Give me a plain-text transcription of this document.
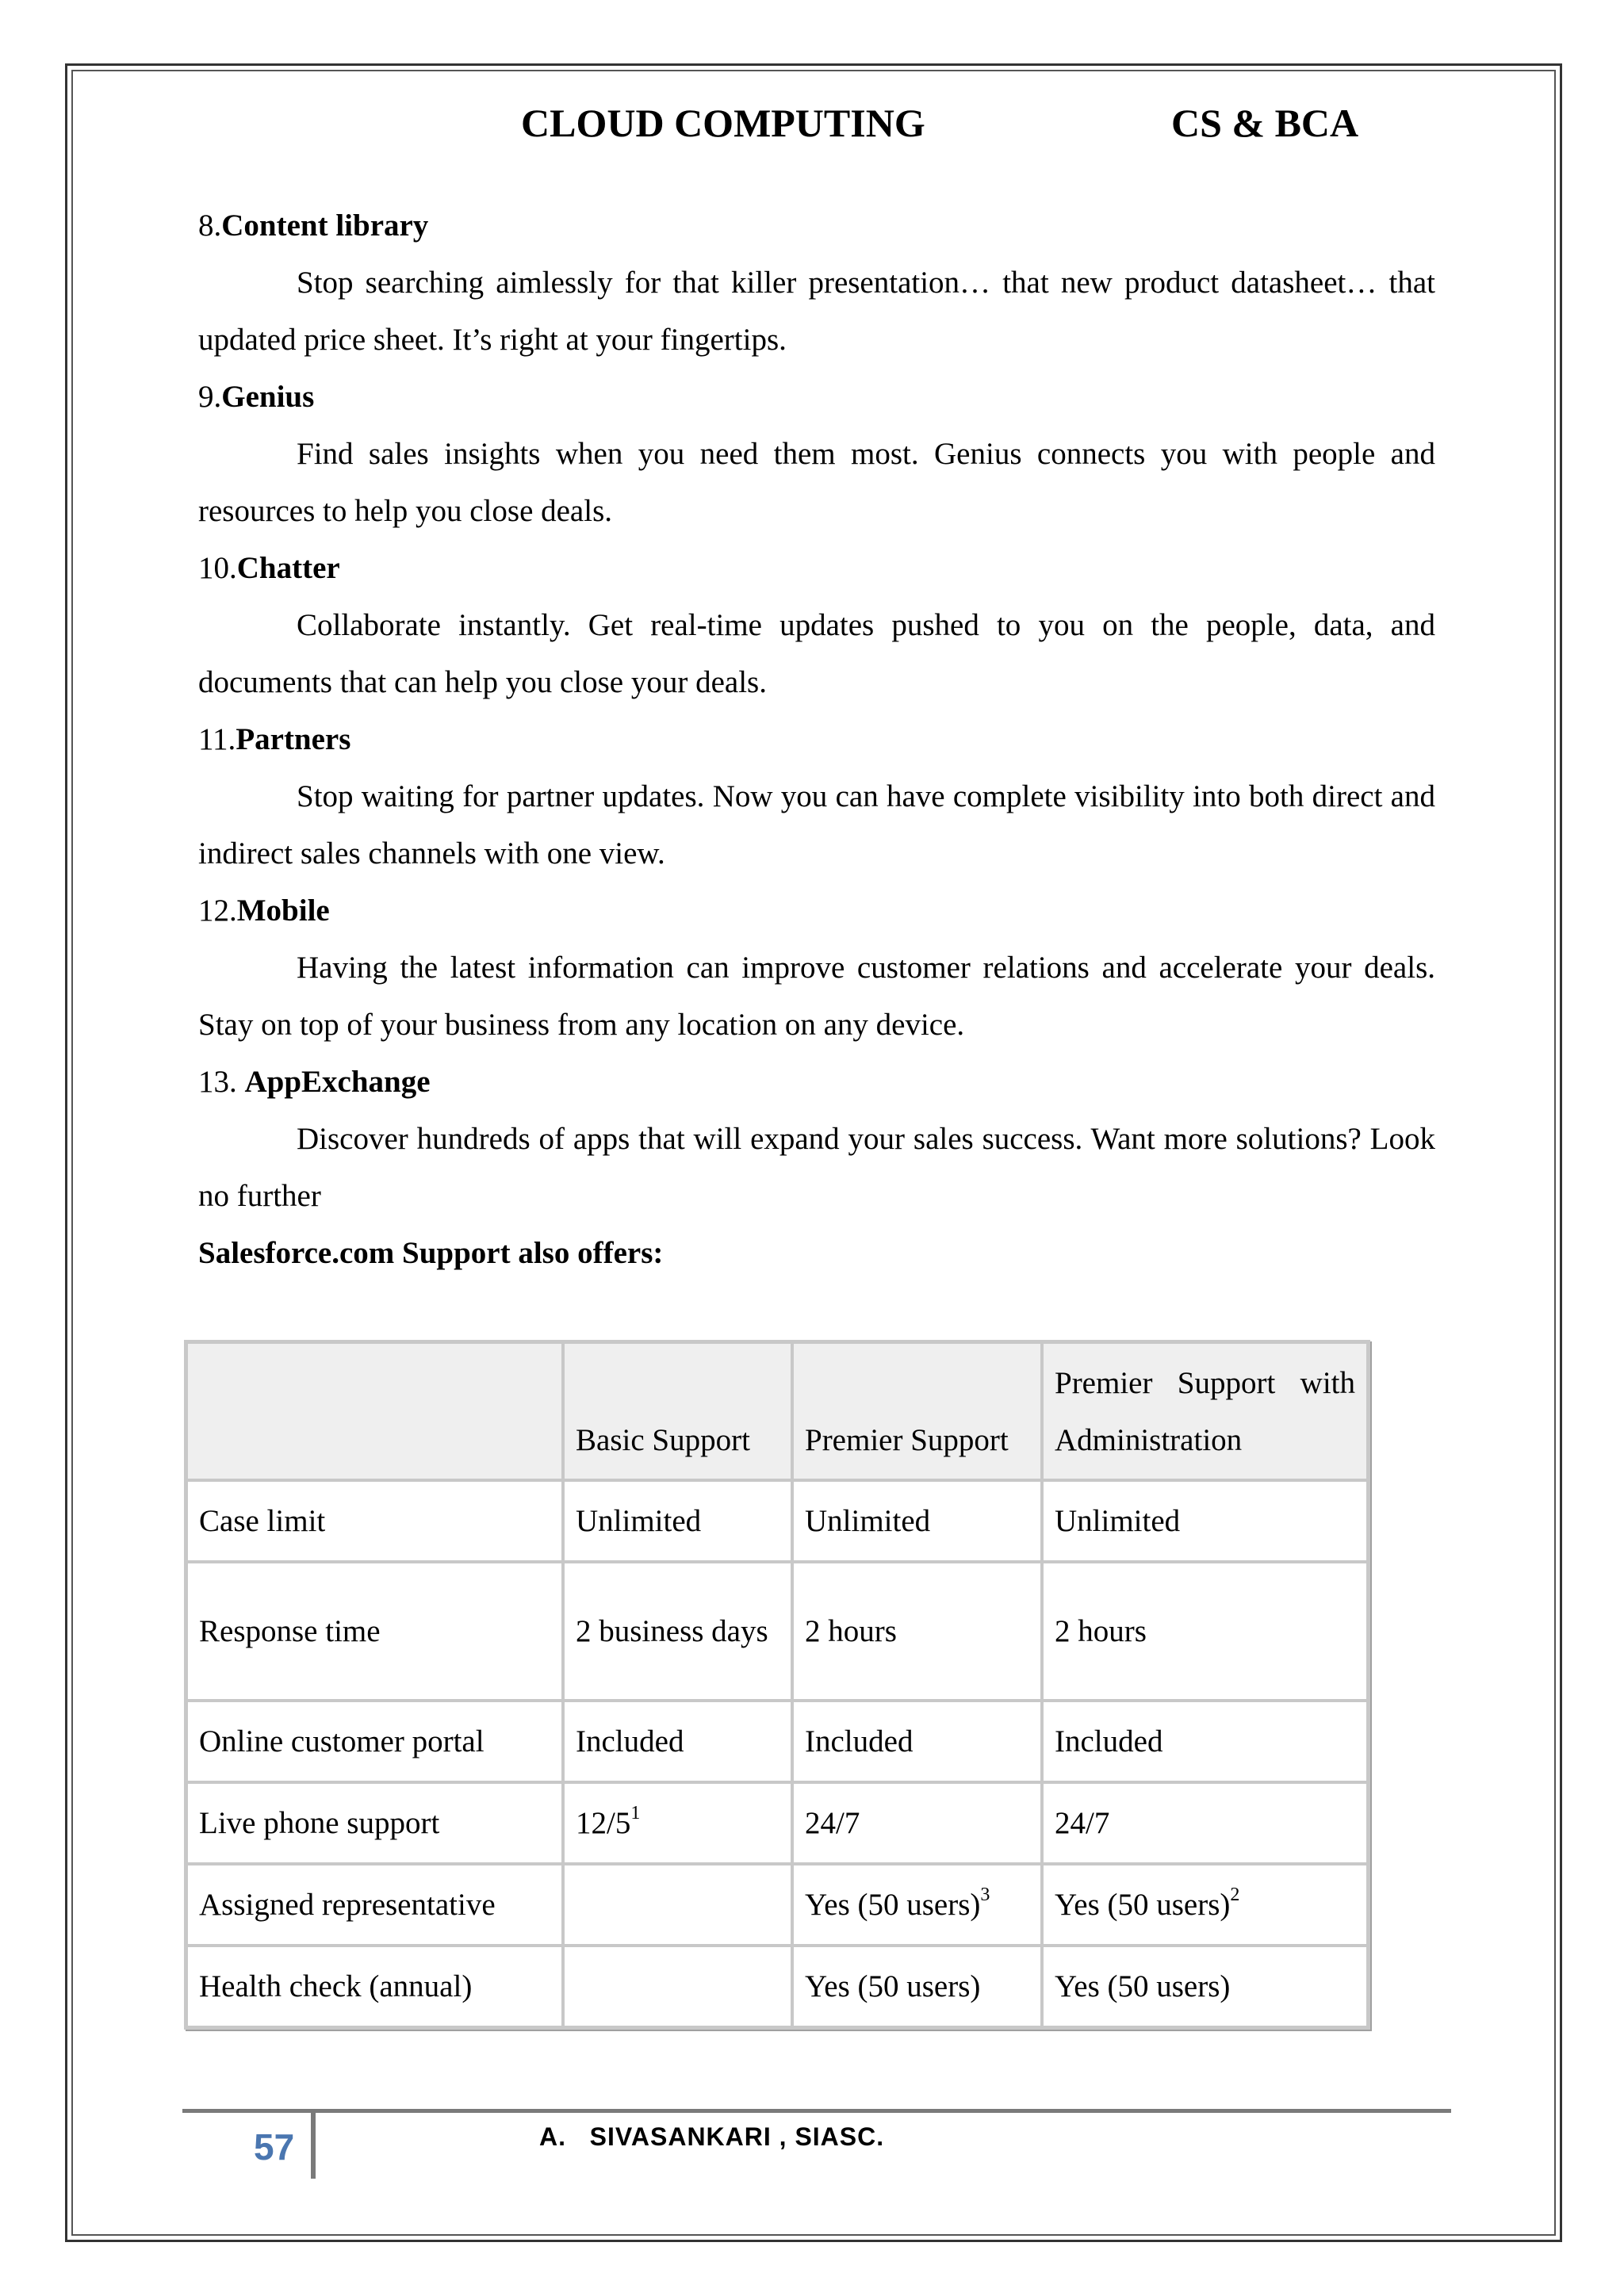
CLOUD COMPUTING	CS & BCA

8.Content library

Stop searching aimlessly for that killer presentation… that new product datasheet… that updated price sheet. It’s right at your fingertips.

9.Genius

Find sales insights when you need them most. Genius connects you with people and resources to help you close deals.

10.Chatter

Collaborate instantly. Get real-time updates pushed to you on the people, data, and documents that can help you close your deals.

11.Partners

Stop waiting for partner updates. Now you can have complete visibility into both direct and indirect sales channels with one view.

12.Mobile

Having the latest information can improve customer relations and accelerate your deals. Stay on top of your business from any location on any device.

13. AppExchange

Discover hundreds of apps that will expand your sales success. Want more solutions? Look no further

Salesforce.com Support also offers:

	Basic Support	Premier Support	Premier Support with Administration
Case limit	Unlimited	Unlimited	Unlimited
Response time	2 business days	2 hours	2 hours
Online customer portal	Included	Included	Included
Live phone support	$12/5^1$	24/7	24/7
Assigned representative		Yes (50 users)$^3$	Yes (50 users)$^2$
Health check (annual)		Yes (50 users)	Yes (50 users)
57	A.   SIVASANKARI , SIASC.
